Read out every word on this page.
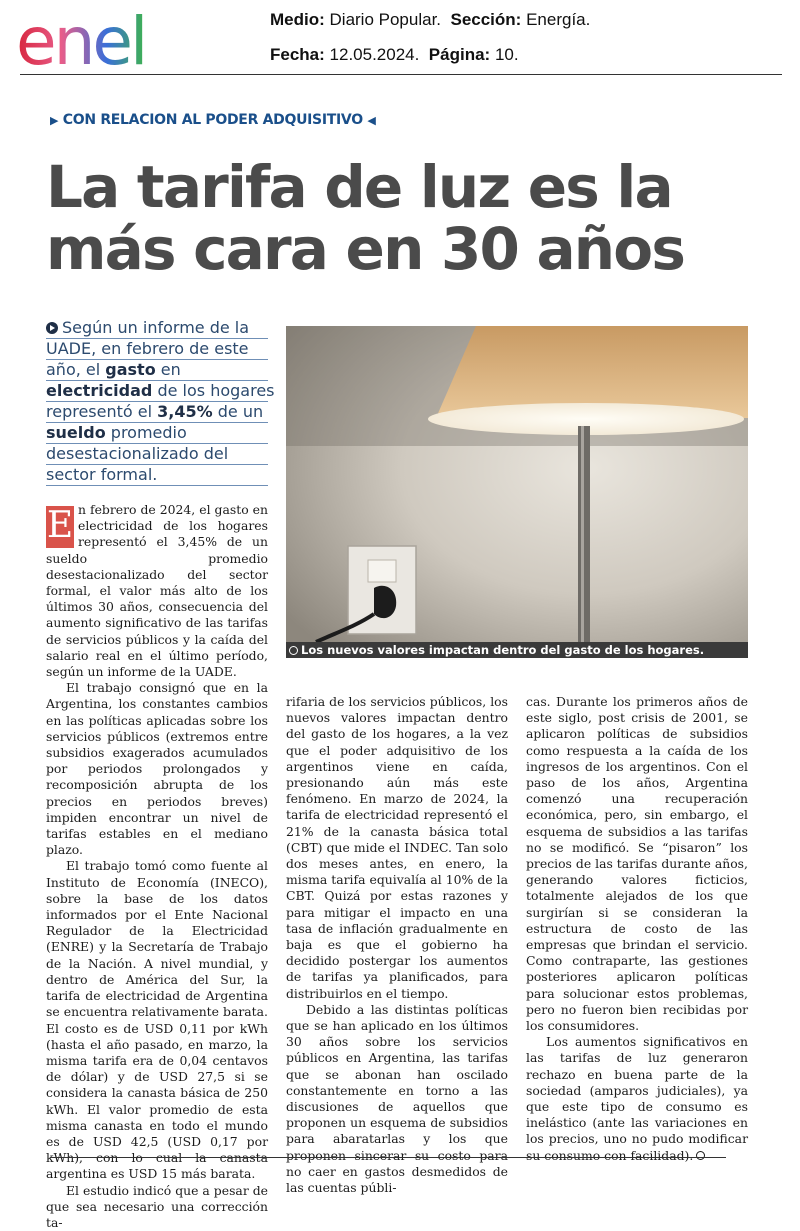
enel	Medio: Diario Popular. Sección: Energía.
Fecha: 12.05.2024. Página: 10.
▶ CON RELACION AL PODER ADQUISITIVO ◀
La tarifa de luz es la
más cara en 30 años
Según un informe de la
UADE, en febrero de este
año, el gasto en
electricidad de los hogares
representó el 3,45% de un
sueldo promedio
desestacionalizado del
sector formal.
Los nuevos valores impactan dentro del gasto de los hogares.

E n febrero de 2024, el gasto en electricidad de los hogares representó el 3,45% de un sueldo promedio desestacionalizado del sector formal, el valor más alto de los últimos 30 años, consecuencia del aumento significativo de las tarifas de servicios públicos y la caída del salario real en el último período, según un informe de la UADE.

El trabajo consignó que en la Argentina, los constantes cambios en las políticas aplicadas sobre los servicios públicos (extremos entre subsidios exagerados acumulados por periodos prolongados y recomposición abrupta de los precios en periodos breves) impiden encontrar un nivel de tarifas estables en el mediano plazo.

El trabajo tomó como fuente al Instituto de Economía (INECO), sobre la base de los datos informados por el Ente Nacional Regulador de la Electricidad (ENRE) y la Secretaría de Trabajo de la Nación. A nivel mundial, y dentro de América del Sur, la tarifa de electricidad de Argentina se encuentra relativamente barata. El costo es de USD 0,11 por kWh (hasta el año pasado, en marzo, la misma tarifa era de 0,04 centavos de dólar) y de USD 27,5 si se considera la canasta básica de 250 kWh. El valor promedio de esta misma canasta en todo el mundo es de USD 42,5 (USD 0,17 por kWh), con lo cual la canasta argentina es USD 15 más barata.

El estudio indicó que a pesar de que sea necesario una corrección ta-

rifaria de los servicios públicos, los nuevos valores impactan dentro del gasto de los hogares, a la vez que el poder adquisitivo de los argentinos viene en caída, presionando aún más este fenómeno. En marzo de 2024, la tarifa de electricidad representó el 21% de la canasta básica total (CBT) que mide el INDEC. Tan solo dos meses antes, en enero, la misma tarifa equivalía al 10% de la CBT. Quizá por estas razones y para mitigar el impacto en una tasa de inflación gradualmente en baja es que el gobierno ha decidido postergar los aumentos de tarifas ya planificados, para distribuirlos en el tiempo.

Debido a las distintas políticas que se han aplicado en los últimos 30 años sobre los servicios públicos en Argentina, las tarifas que se abonan han oscilado constantemente en torno a las discusiones de aquellos que proponen un esquema de subsidios para abaratarlas y los que proponen sincerar su costo para no caer en gastos desmedidos de las cuentas públi-

cas. Durante los primeros años de este siglo, post crisis de 2001, se aplicaron políticas de subsidios como respuesta a la caída de los ingresos de los argentinos. Con el paso de los años, Argentina comenzó una recuperación económica, pero, sin embargo, el esquema de subsidios a las tarifas no se modificó. Se “pisaron” los precios de las tarifas durante años, generando valores ficticios, totalmente alejados de los que surgirían si se consideran la estructura de costo de las empresas que brindan el servicio. Como contraparte, las gestiones posteriores aplicaron políticas para solucionar estos problemas, pero no fueron bien recibidas por los consumidores.

Los aumentos significativos en las tarifas de luz generaron rechazo en buena parte de la sociedad (amparos judiciales), ya que este tipo de consumo es inelástico (ante las variaciones en los precios, uno no pudo modificar su consumo con facilidad).
